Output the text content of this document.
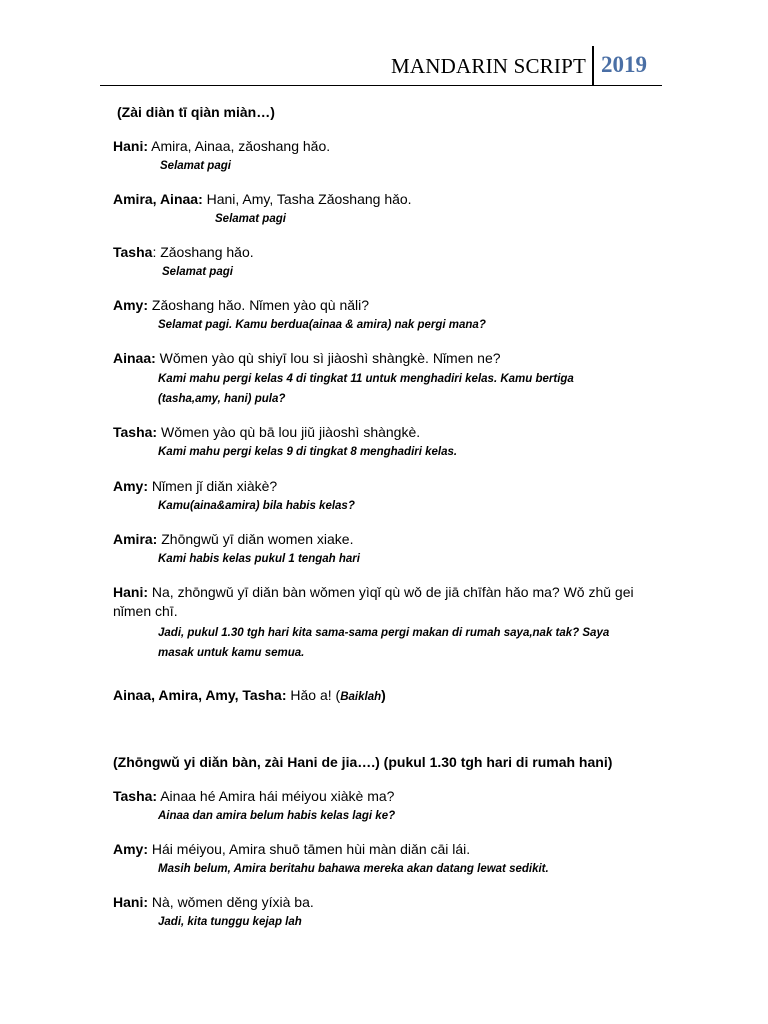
MANDARIN SCRIPT 2019
(Zài diàn tī qiàn miàn…)
Hani: Amira, Ainaa, zǎoshang hǎo.
Selamat pagi
Amira, Ainaa: Hani, Amy, Tasha Zǎoshang hǎo.
Selamat pagi
Tasha: Zǎoshang hǎo.
Selamat pagi
Amy: Zǎoshang hǎo. Nǐmen yào qù nǎli?
Selamat pagi. Kamu berdua(ainaa & amira) nak pergi mana?
Ainaa: Wǒmen yào qù shiyī lou sì jiàoshì shàngkè. Nǐmen ne?
Kami mahu pergi kelas 4 di tingkat 11 untuk menghadiri kelas. Kamu bertiga (tasha,amy, hani) pula?
Tasha: Wǒmen yào qù bā lou jiǔ jiàoshì shàngkè.
Kami mahu pergi kelas 9 di tingkat 8 menghadiri kelas.
Amy: Nǐmen jǐ diǎn xiàkè?
Kamu(aina&amira) bila habis kelas?
Amira: Zhōngwǔ yī diǎn women xiake.
Kami habis kelas pukul 1 tengah hari
Hani: Na, zhōngwǔ yī diǎn bàn wǒmen yìqǐ qù wǒ de jiā chīfàn hǎo ma? Wǒ zhǔ gei nǐmen chī.
Jadi, pukul 1.30 tgh hari kita sama-sama pergi makan di rumah saya,nak tak? Saya masak untuk kamu semua.
Ainaa, Amira, Amy, Tasha: Hǎo a! (Baiklah)
(Zhōngwǔ yi diǎn bàn, zài Hani de jia….) (pukul 1.30 tgh hari di rumah hani)
Tasha: Ainaa hé Amira hái méiyou xiàkè ma?
Ainaa dan amira belum habis kelas lagi ke?
Amy: Hái méiyou, Amira shuō tāmen hùi màn diǎn cāi lái.
Masih belum, Amira beritahu bahawa mereka akan datang lewat sedikit.
Hani: Nà, wǒmen děng yíxià ba.
Jadi, kita tunggu kejap lah
